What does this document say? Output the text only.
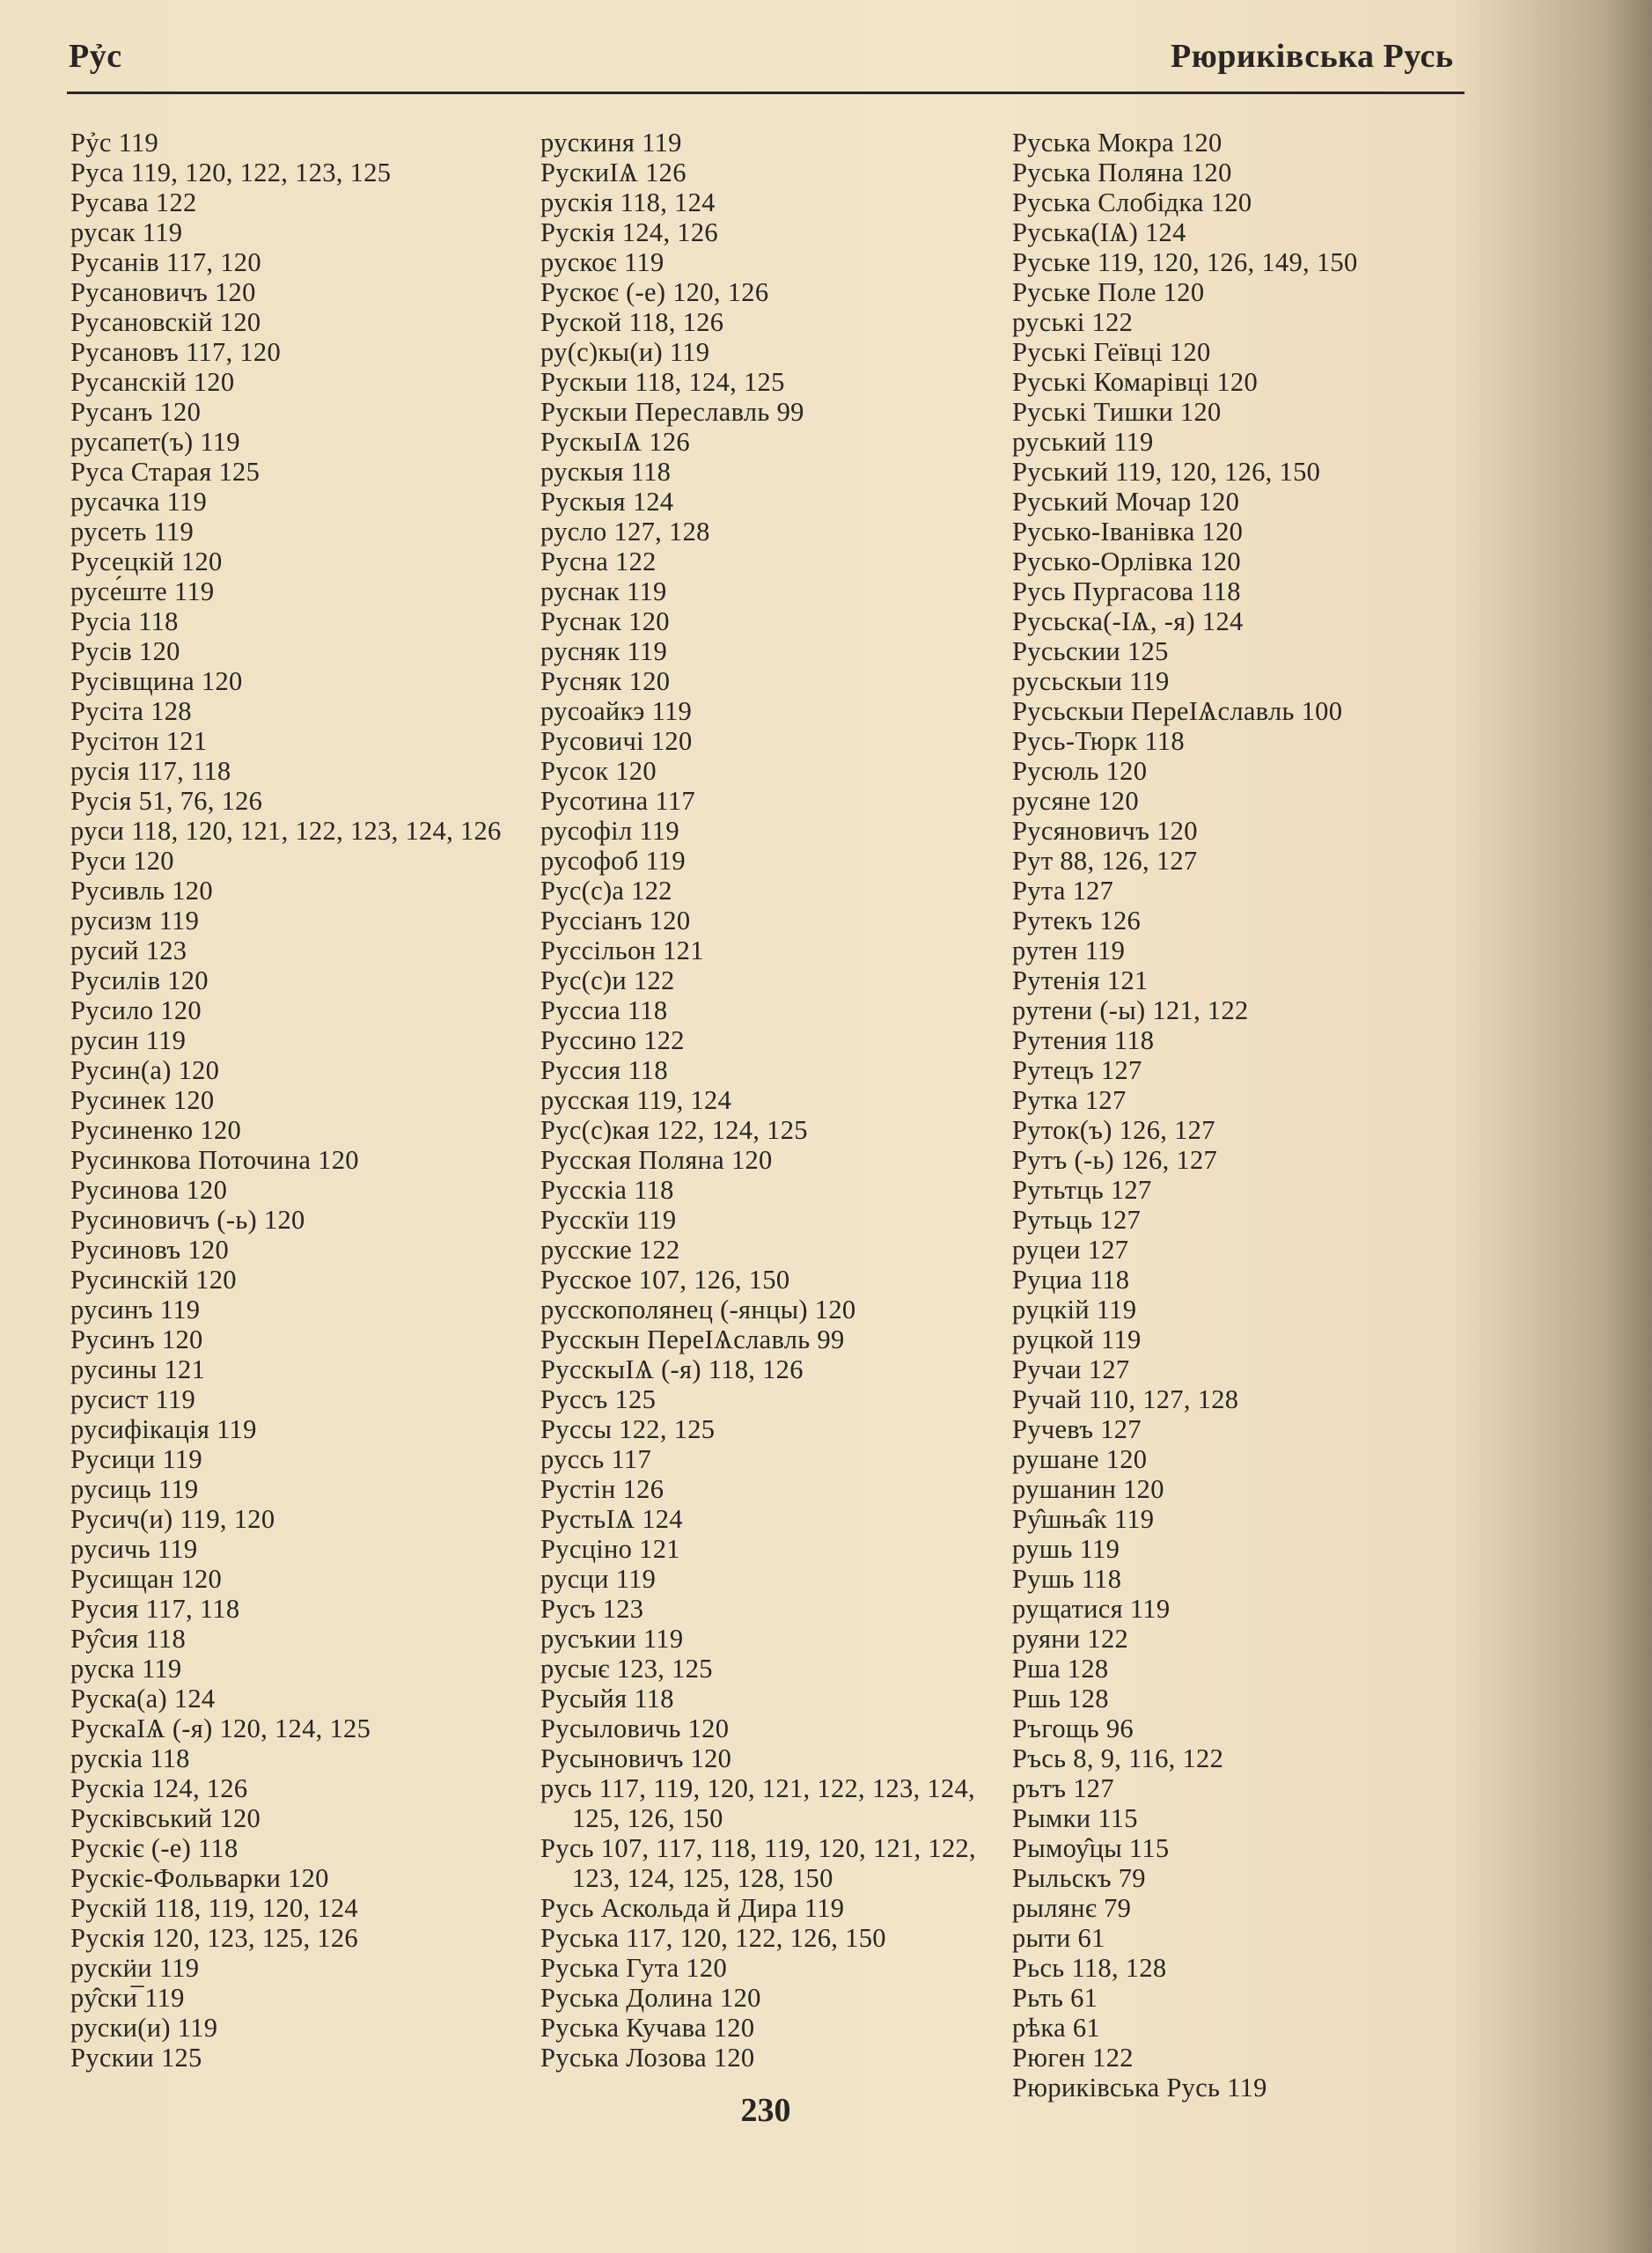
Рỷс	Рюриківська Русь
Рỷс 119
Руса 119, 120, 122, 123, 125
Русава 122
русак 119
Русанів 117, 120
Русановичъ 120
Русановскій 120
Русановъ 117, 120
Русанскій 120
Русанъ 120
русапет(ъ) 119
Руса Старая 125
русачка 119
русеть 119
Русецкій 120
русе́ште 119
Русіа 118
Русів 120
Русівщина 120
Русіта 128
Русітон 121
русія 117, 118
Русія 51, 76, 126
руси 118, 120, 121, 122, 123, 124, 126
Руси 120
Русивль 120
русизм 119
русий 123
Русилів 120
Русило 120
русин 119
Русин(а) 120
Русинек 120
Русиненко 120
Русинкова Поточина 120
Русинова 120
Русиновичъ (-ь) 120
Русиновъ 120
Русинскій 120
русинъ 119
Русинъ 120
русины 121
русист 119
русифікація 119
Русици 119
русиць 119
Русич(и) 119, 120
русичь 119
Русищан 120
Русия 117, 118
Ру̂сия 118
руска 119
Руска(а) 124
РускаІѦ (-я) 120, 124, 125
рускіа 118
Рускіа 124, 126
Русківський 120
Рускіє (-е) 118
Рускіє-Фольварки 120
Рускій 118, 119, 120, 124
Рускія 120, 123, 125, 126
рускӥи 119
ру̂ски̅ 119
руски(и) 119
Рускии 125
рускиня 119
РускиІѦ 126
рускія 118, 124
Рускія 124, 126
рускоє 119
Рускоє (-е) 120, 126
Руской 118, 126
ру(с)кы(и) 119
Рускыи 118, 124, 125
Рускыи Переславль 99
РускыІѦ 126
рускыя 118
Рускыя 124
русло 127, 128
Русна 122
руснак 119
Руснак 120
русняк 119
Русняк 120
русоайкэ 119
Русовичі 120
Русок 120
Русотина 117
русофіл 119
русофоб 119
Рус(с)а 122
Руссіанъ 120
Руссільон 121
Рус(с)и 122
Руссиа 118
Руссино 122
Руссия 118
русская 119, 124
Рус(с)кая 122, 124, 125
Русская Поляна 120
Русскіа 118
Русскїи 119
русские 122
Русское 107, 126, 150
русскополянец (-янцы) 120
Русскын ПереІѦславль 99
РусскыІѦ (-я) 118, 126
Руссъ 125
Руссы 122, 125
руссь 117
Рустін 126
РустьІѦ 124
Русціно 121
русци 119
Русъ 123
русъкии 119
русыє 123, 125
Русыйя 118
Русыловичь 120
Русыновичъ 120
русь 117, 119, 120, 121, 122, 123, 124, 125, 126, 150
Русь 107, 117, 118, 119, 120, 121, 122, 123, 124, 125, 128, 150
Русь Аскольда й Дира 119
Руська 117, 120, 122, 126, 150
Руська Гута 120
Руська Долина 120
Руська Кучава 120
Руська Лозова 120
Руська Мокра 120
Руська Поляна 120
Руська Слобідка 120
Руська(ІѦ) 124
Руське 119, 120, 126, 149, 150
Руське Поле 120
руські 122
Руські Геївці 120
Руські Комарівці 120
Руські Тишки 120
руський 119
Руський 119, 120, 126, 150
Руський Мочар 120
Русько-Іванівка 120
Русько-Орлівка 120
Русь Пургасова 118
Русьска(-ІѦ, -я) 124
Русьскии 125
русьскыи 119
Русьскыи ПереІѦславль 100
Русь-Тюрк 118
Русюль 120
русяне 120
Русяновичъ 120
Рут 88, 126, 127
Рута 127
Рутекъ 126
рутен 119
Рутенія 121
рутени (-ы) 121, 122
Рутения 118
Рутецъ 127
Рутка 127
Руток(ъ) 126, 127
Рутъ (-ь) 126, 127
Рутьтць 127
Рутьць 127
руцеи 127
Руциа 118
руцкій 119
руцкой 119
Ручаи 127
Ручай 110, 127, 128
Ручевъ 127
рушане 120
рушанин 120
Ру̂шња̂к 119
рушь 119
Рушь 118
рущатися 119
руяни 122
Рша 128
Ршь 128
Ръгощь 96
Ръсь 8, 9, 116, 122
рътъ 127
Рымки 115
Рымоу̂цы 115
Рыльскъ 79
рылянє 79
рыти 61
Рьсь 118, 128
Рьть 61
рѣка 61
Рюген 122
Рюриківська Русь 119
230
